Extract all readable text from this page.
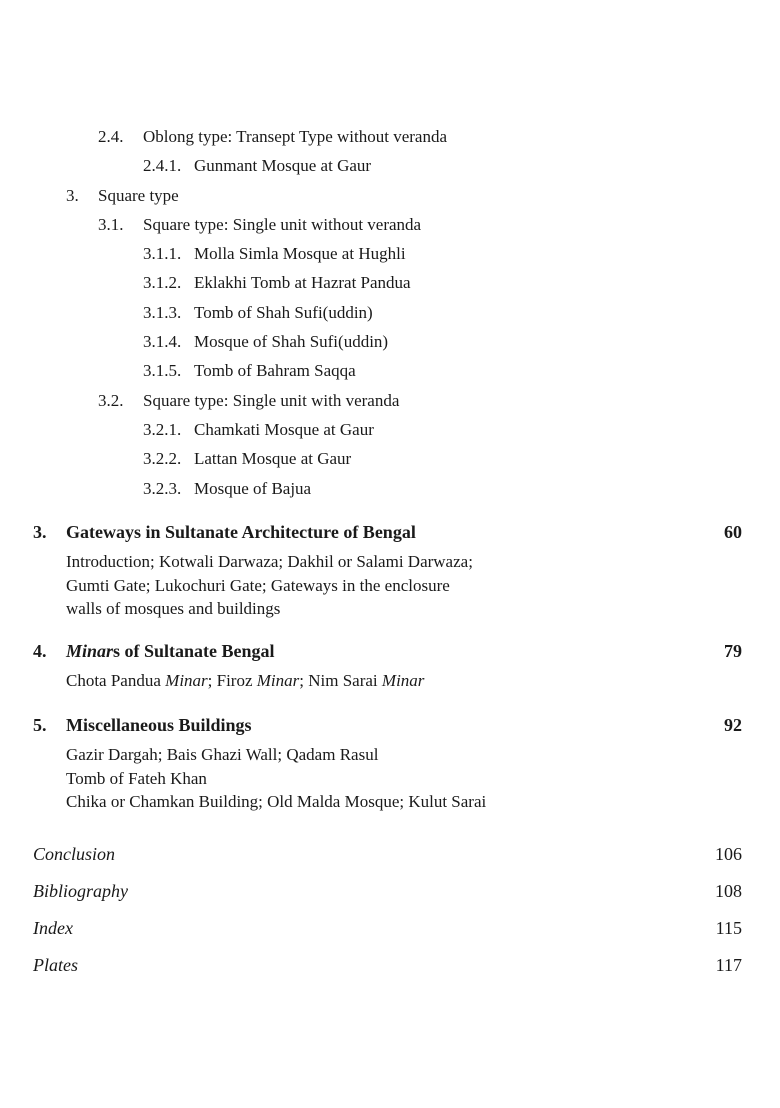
2.4. Oblong type: Transept Type without veranda
2.4.1. Gunmant Mosque at Gaur
3. Square type
3.1. Square type: Single unit without veranda
3.1.1. Molla Simla Mosque at Hughli
3.1.2. Eklakhi Tomb at Hazrat Pandua
3.1.3. Tomb of Shah Sufi(uddin)
3.1.4. Mosque of Shah Sufi(uddin)
3.1.5. Tomb of Bahram Saqqa
3.2. Square type: Single unit with veranda
3.2.1. Chamkati Mosque at Gaur
3.2.2. Lattan Mosque at Gaur
3.2.3. Mosque of Bajua
3. Gateways in Sultanate Architecture of Bengal	60
Introduction; Kotwali Darwaza; Dakhil or Salami Darwaza;
Gumti Gate; Lukochuri Gate; Gateways in the enclosure
walls of mosques and buildings
4. Minars of Sultanate Bengal	79
Chota Pandua Minar; Firoz Minar; Nim Sarai Minar
5. Miscellaneous Buildings	92
Gazir Dargah; Bais Ghazi Wall; Qadam Rasul
Tomb of Fateh Khan
Chika or Chamkan Building; Old Malda Mosque; Kulut Sarai
Conclusion	106
Bibliography	108
Index	115
Plates	117
